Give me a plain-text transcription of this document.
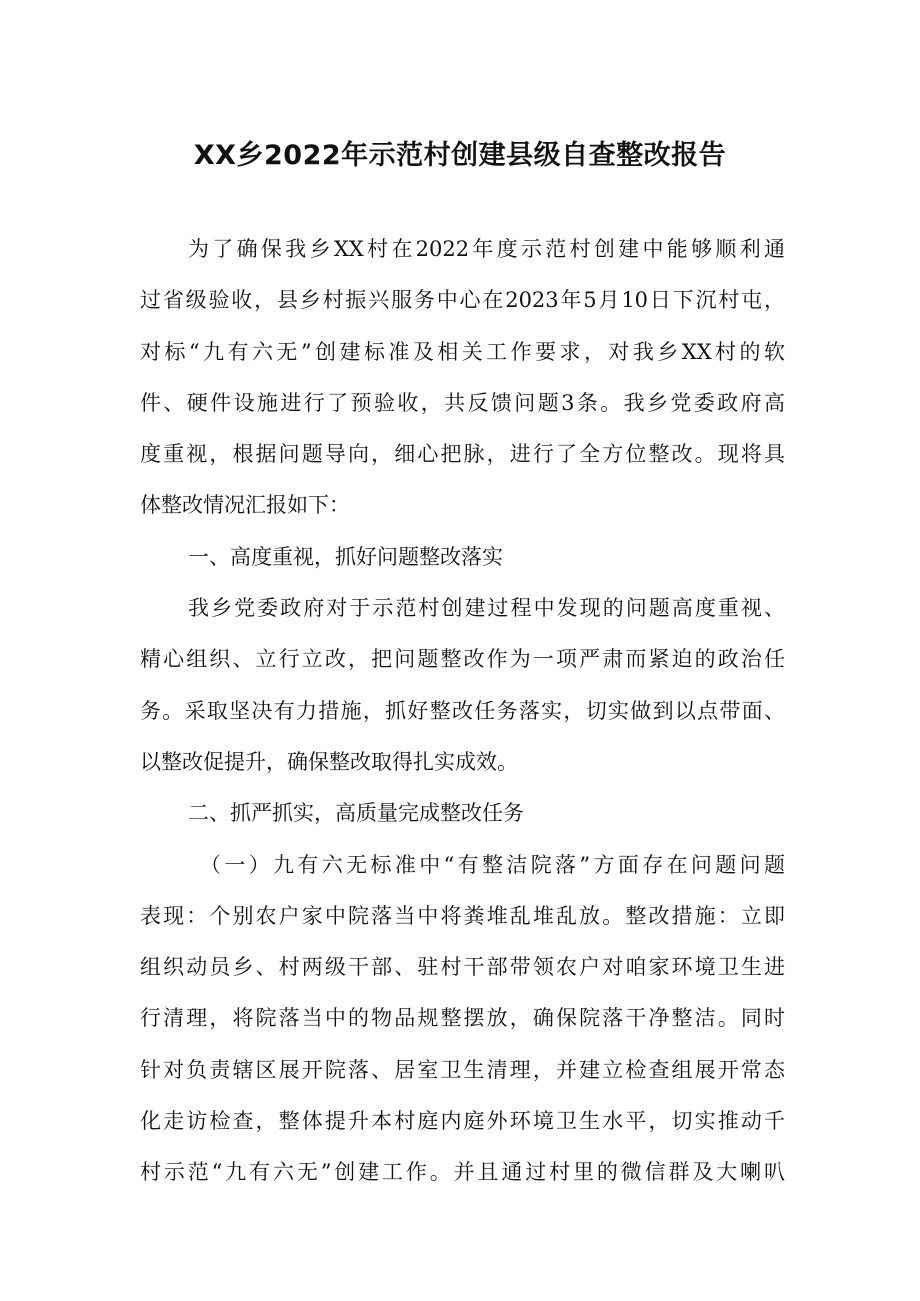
XX乡2022年示范村创建县级自查整改报告
为了确保我乡XX村在2022年度示范村创建中能够顺利通
过省级验收，县乡村振兴服务中心在2023年5月10日下沉村屯，
对标“九有六无”创建标准及相关工作要求，对我乡XX村的软
件、硬件设施进行了预验收，共反馈问题3条。我乡党委政府高
度重视，根据问题导向，细心把脉，进行了全方位整改。现将具
体整改情况汇报如下：
一、高度重视，抓好问题整改落实
我乡党委政府对于示范村创建过程中发现的问题高度重视、
精心组织、立行立改，把问题整改作为一项严肃而紧迫的政治任
务。采取坚决有力措施，抓好整改任务落实，切实做到以点带面、
以整改促提升，确保整改取得扎实成效。
二、抓严抓实，高质量完成整改任务
（一）九有六无标准中“有整洁院落”方面存在问题问题
表现：个别农户家中院落当中将粪堆乱堆乱放。整改措施：立即
组织动员乡、村两级干部、驻村干部带领农户对咱家环境卫生进
行清理，将院落当中的物品规整摆放，确保院落干净整洁。同时
针对负责辖区展开院落、居室卫生清理，并建立检查组展开常态
化走访检查，整体提升本村庭内庭外环境卫生水平，切实推动千
村示范“九有六无”创建工作。并且通过村里的微信群及大喇叭
